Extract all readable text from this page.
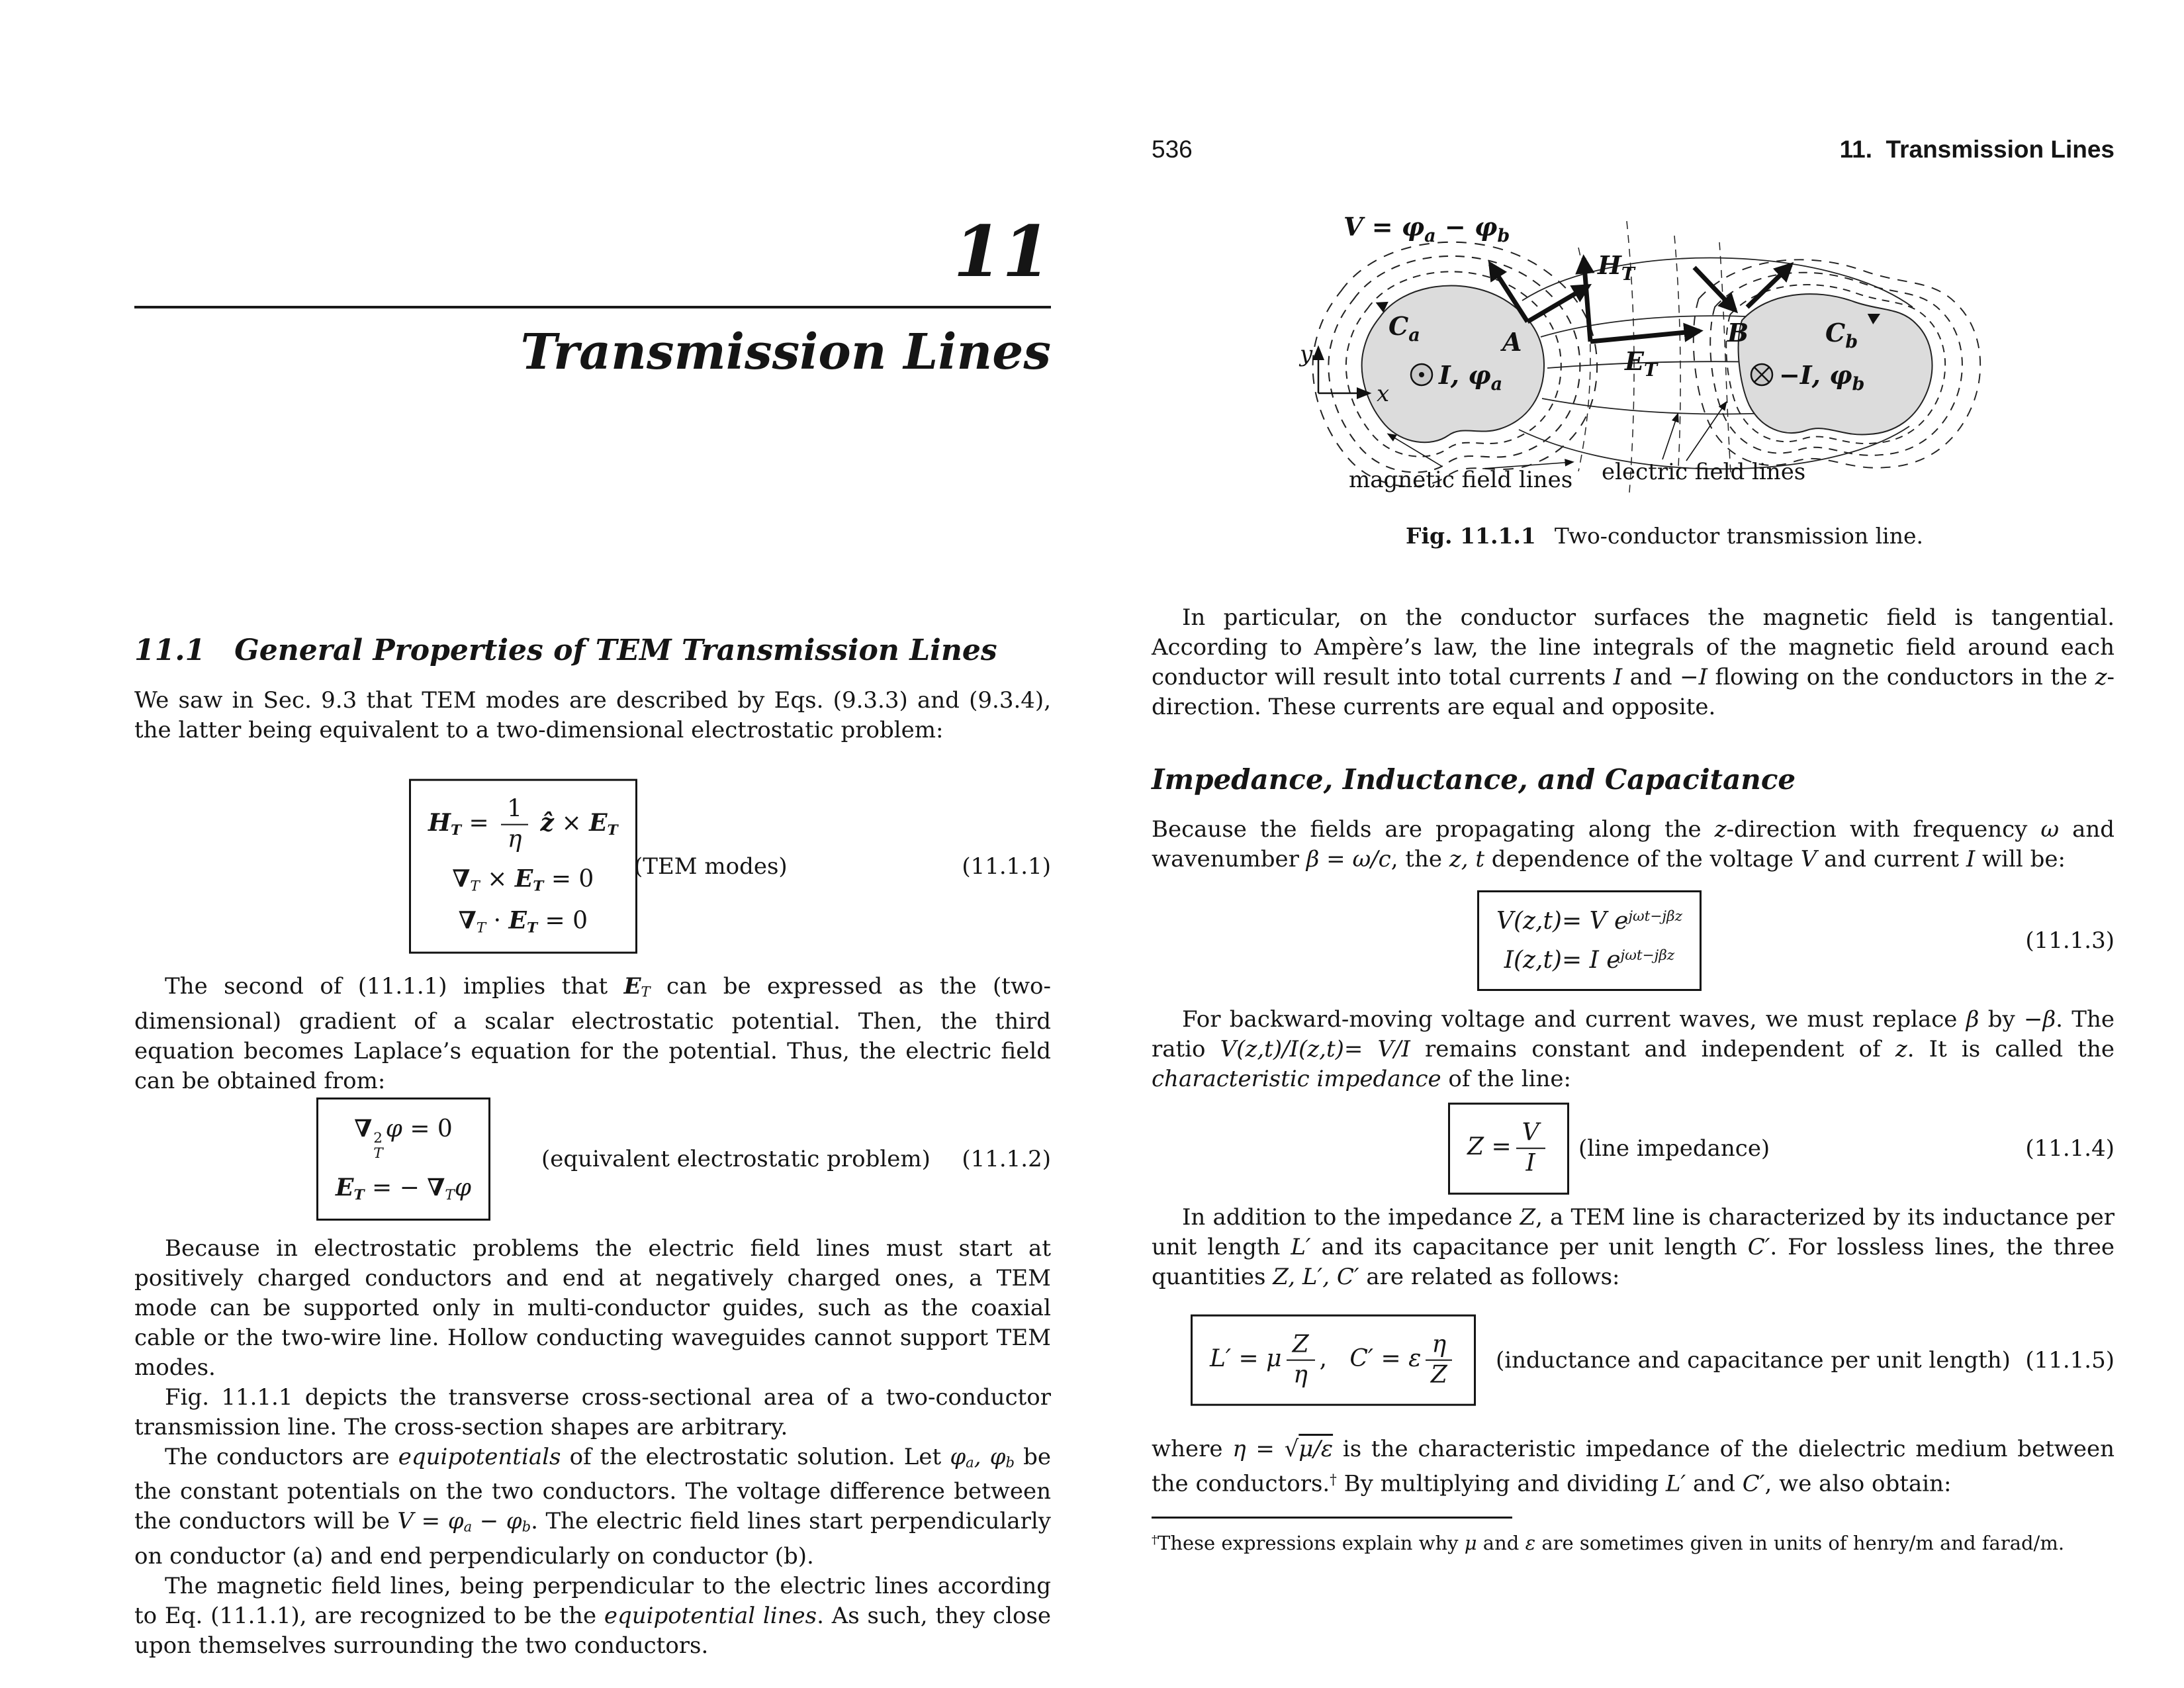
11
Transmission Lines
11.1 General Properties of TEM Transmission Lines
We saw in Sec. 9.3 that TEM modes are described by Eqs. (9.3.3) and (9.3.4), the latter being equivalent to a two-dimensional electrostatic problem:
HT = $\frac{1}{\eta}$ ẑ × ET
∇T × ET = 0
∇T · ET = 0
(TEM modes)	(11.1.1)
The second of (11.1.1) implies that ET can be expressed as the (two-dimensional) gradient of a scalar electrostatic potential. Then, the third equation becomes Laplace’s equation for the potential. Thus, the electric field can be obtained from:
∇ 2
T
φ = 0
ET = − ∇Tφ
(equivalent electrostatic problem) (11.1.2)
Because in electrostatic problems the electric field lines must start at positively charged conductors and end at negatively charged ones, a TEM mode can be supported only in multi-conductor guides, such as the coaxial cable or the two-wire line. Hollow conducting waveguides cannot support TEM modes.
Fig. 11.1.1 depicts the transverse cross-sectional area of a two-conductor transmission line. The cross-section shapes are arbitrary.
The conductors are equipotentials of the electrostatic solution. Let φa, φb be the constant potentials on the two conductors. The voltage difference between the conductors will be V = φa − φb. The electric field lines start perpendicularly on conductor (a) and end perpendicularly on conductor (b).
The magnetic field lines, being perpendicular to the electric lines according to Eq. (11.1.1), are recognized to be the equipotential lines. As such, they close upon themselves surrounding the two conductors.
536	11.  Transmission Lines
y
x
$V = \varphi_a - \varphi_b$
$C_a$	$C_b$
A	B
$H_T$
$E_T$
I, $\varphi_a$	−I, $\varphi_b$
magnetic field lines electric field lines
Fig. 11.1.1 Two-conductor transmission line.
In particular, on the conductor surfaces the magnetic field is tangential. According to Ampère’s law, the line integrals of the magnetic field around each conductor will result into total currents I and −I flowing on the conductors in the z-direction. These currents are equal and opposite.
Impedance, Inductance, and Capacitance
Because the fields are propagating along the z-direction with frequency ω and wavenumber β = ω/c, the z, t dependence of the voltage V and current I will be:
V(z,t)= V $e^{j\omega t-j\beta z}$
I(z,t)= I $e^{j\omega t-j\beta z}$
(11.1.3)
For backward-moving voltage and current waves, we must replace β by −β. The ratio V(z,t)/I(z,t)= V/I remains constant and independent of z. It is called the characteristic impedance of the line:
$Z = \frac{V}{I}$ (line impedance)	(11.1.4)
In addition to the impedance Z, a TEM line is characterized by its inductance per unit length L′ and its capacitance per unit length C′. For lossless lines, the three quantities Z, L′, C′ are related as follows:
L′ = μ $\frac{Z}{\eta}$ , C′ = ε $\frac{\eta}{Z}$ (inductance and capacitance per unit length) (11.1.5)
where η = √μ/ε is the characteristic impedance of the dielectric medium between the conductors.† By multiplying and dividing L′ and C′, we also obtain:
†These expressions explain why μ and ε are sometimes given in units of henry/m and farad/m.
